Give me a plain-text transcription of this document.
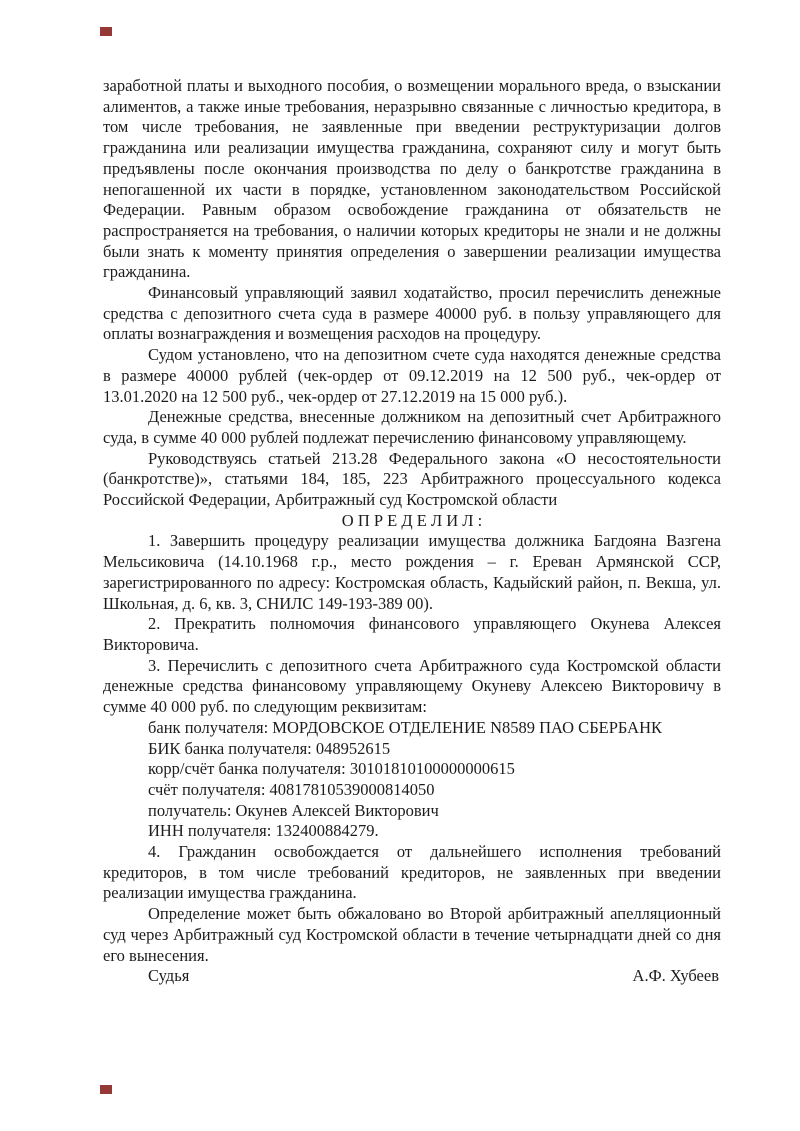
заработной платы и выходного пособия, о возмещении морального вреда, о взыскании алиментов, а также иные требования, неразрывно связанные с личностью кредитора, в том числе требования, не заявленные при введении реструктуризации долгов гражданина или реализации имущества гражданина, сохраняют силу и могут быть предъявлены после окончания производства по делу о банкротстве гражданина в непогашенной их части в порядке, установленном законодательством Российской Федерации. Равным образом освобождение гражданина от обязательств не распространяется на требования, о наличии которых кредиторы не знали и не должны были знать к моменту принятия определения о завершении реализации имущества гражданина.

Финансовый управляющий заявил ходатайство, просил перечислить денежные средства с депозитного счета суда в размере 40000 руб. в пользу управляющего для оплаты вознаграждения и возмещения расходов на процедуру.

Судом установлено, что на депозитном счете суда находятся денежные средства в размере 40000 рублей (чек-ордер от 09.12.2019 на 12 500 руб., чек-ордер от 13.01.2020 на 12 500 руб., чек-ордер от 27.12.2019 на 15 000 руб.).

Денежные средства, внесенные должником на депозитный счет Арбитражного суда, в сумме 40 000 рублей подлежат перечислению финансовому управляющему.

Руководствуясь статьей 213.28 Федерального закона «О несостоятельности (банкротстве)», статьями 184, 185, 223 Арбитражного процессуального кодекса Российской Федерации, Арбитражный суд Костромской области

О П Р Е Д Е Л И Л :

1. Завершить процедуру реализации имущества должника Багдояна Вазгена Мельсиковича (14.10.1968 г.р., место рождения – г. Ереван Армянской ССР, зарегистрированного по адресу: Костромская область, Кадыйский район, п. Векша, ул. Школьная, д. 6, кв. 3, СНИЛС 149-193-389 00).

2. Прекратить полномочия финансового управляющего Окунева Алексея Викторовича.

3. Перечислить с депозитного счета Арбитражного суда Костромской области денежные средства финансовому управляющему Окуневу Алексею Викторовичу в сумме 40 000 руб. по следующим реквизитам:

банк получателя: МОРДОВСКОЕ ОТДЕЛЕНИЕ N8589 ПАО СБЕРБАНК

БИК банка получателя: 048952615

корр/счёт банка получателя: 30101810100000000615

счёт получателя: 40817810539000814050

получатель: Окунев Алексей Викторович

ИНН получателя: 132400884279.

4. Гражданин освобождается от дальнейшего исполнения требований кредиторов, в том числе требований кредиторов, не заявленных при введении реализации имущества гражданина.

Определение может быть обжаловано во Второй арбитражный апелляционный суд через Арбитражный суд Костромской области в течение четырнадцати дней со дня его вынесения.

Судья	А.Ф. Хубеев
